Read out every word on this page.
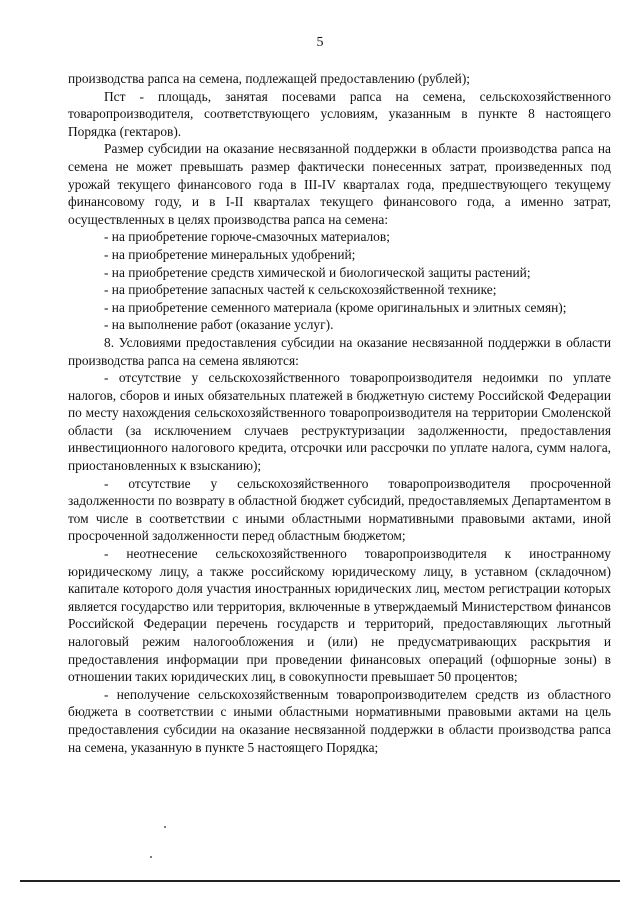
5

производства рапса на семена, подлежащей предоставлению (рублей);

Пст - площадь, занятая посевами рапса на семена, сельскохозяйственного товаропроизводителя, соответствующего условиям, указанным в пункте 8 настоящего Порядка (гектаров).

Размер субсидии на оказание несвязанной поддержки в области производства рапса на семена не может превышать размер фактически понесенных затрат, произведенных под урожай текущего финансового года в III-IV кварталах года, предшествующего текущему финансовому году, и в I-II кварталах текущего финансового года, а именно затрат, осуществленных в целях производства рапса на семена:

- на приобретение горюче-смазочных материалов;

- на приобретение минеральных удобрений;

- на приобретение средств химической и биологической защиты растений;

- на приобретение запасных частей к сельскохозяйственной технике;

- на приобретение семенного материала (кроме оригинальных и элитных семян);

- на выполнение работ (оказание услуг).

8. Условиями предоставления субсидии на оказание несвязанной поддержки в области производства рапса на семена являются:

- отсутствие у сельскохозяйственного товаропроизводителя недоимки по уплате налогов, сборов и иных обязательных платежей в бюджетную систему Российской Федерации по месту нахождения сельскохозяйственного товаропроизводителя на территории Смоленской области (за исключением случаев реструктуризации задолженности, предоставления инвестиционного налогового кредита, отсрочки или рассрочки по уплате налога, сумм налога, приостановленных к взысканию);

- отсутствие у сельскохозяйственного товаропроизводителя просроченной задолженности по возврату в областной бюджет субсидий, предоставляемых Департаментом в том числе в соответствии с иными областными нормативными правовыми актами, иной просроченной задолженности перед областным бюджетом;

- неотнесение сельскохозяйственного товаропроизводителя к иностранному юридическому лицу, а также российскому юридическому лицу, в уставном (складочном) капитале которого доля участия иностранных юридических лиц, местом регистрации которых является государство или территория, включенные в утверждаемый Министерством финансов Российской Федерации перечень государств и территорий, предоставляющих льготный налоговый режим налогообложения и (или) не предусматривающих раскрытия и предоставления информации при проведении финансовых операций (офшорные зоны) в отношении таких юридических лиц, в совокупности превышает 50 процентов;

- неполучение сельскохозяйственным товаропроизводителем средств из областного бюджета в соответствии с иными областными нормативными правовыми актами на цель предоставления субсидии на оказание несвязанной поддержки в области производства рапса на семена, указанную в пункте 5 настоящего Порядка;
